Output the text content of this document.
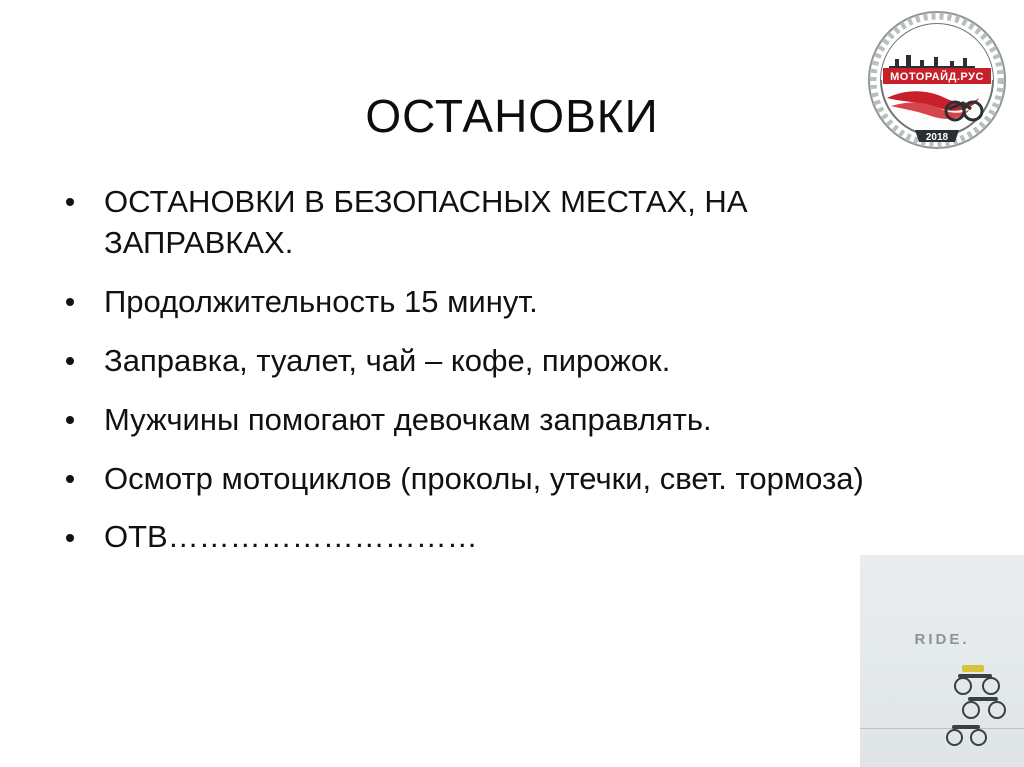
ОСТАНОВКИ
ОСТАНОВКИ В БЕЗОПАСНЫХ МЕСТАХ, НА ЗАПРАВКАХ.
Продолжительность 15 минут.
Заправка, туалет, чай – кофе, пирожок.
Мужчины помогают девочкам заправлять.
Осмотр мотоциклов (проколы, утечки, свет. тормоза)
ОТВ…………………………
МОТОРАЙД.РУС
2018
RIDE.
